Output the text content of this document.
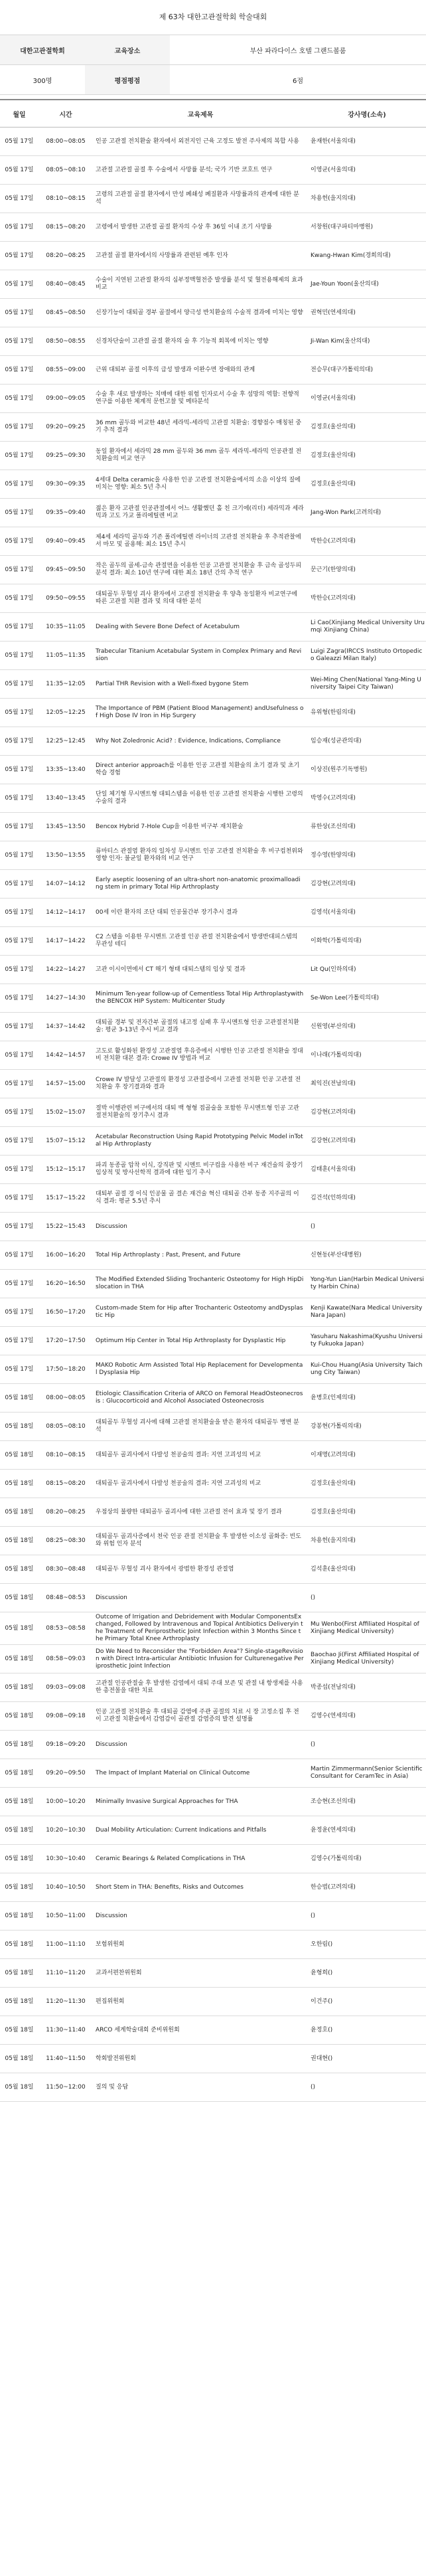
제 63차 대한고관절학회 학술대회
대한고관절학회	교육장소	부산 파라다이스 호텔 그랜드볼룸
300명	평점평점	6점
월일	시간	교육제목	강사명(소속)
05월 17일	08:00~08:05	인공 고관절 전치환술 환자에서 외전지인 근육 고정도 발전 주사제의 복합 사용	윤재한(서울의대)
05월 17일	08:05~08:10	고관절 고관절 골절 후 수술에서 사망률 분석; 국가 기반 코호트 연구	이영균(서울의대)
05월 17일	08:10~08:15	고령의 고관절 골절 환자에서 만성 폐쇄성 폐질환과 사망률과의 관계에 대한 분석	차용헌(을지의대)
05월 17일	08:15~08:20	고령에서 발생한 고관절 골절 환자의 수상 후 36일 이내 조기 사망률	서창원(대구파티마병원)
05월 17일	08:20~08:25	고관절 골절 환자에서의 사망률과 관련된 예후 인자	Kwang-Hwan Kim(경희의대)
05월 17일	08:40~08:45	수술이 지연된 고관절 환자의 심부정맥혈전증 발생률 분석 및 혈전용해제의 효과 비교	Jae-Youn Yoon(울산의대)
05월 17일	08:45~08:50	신장기능이 대퇴골 경부 골절에서 양극성 반치환술의 수술적 결과에 미치는 영향	권혁민(연세의대)
05월 17일	08:50~08:55	신경차단술이 고관절 골절 환자의 술 후 기능적 회복에 미치는 영향	Ji-Wan Kim(울산의대)
05월 17일	08:55~09:00	근위 대퇴부 골절 이후의 급성 발생과 이완수면 장애와의 관계	전승무(대구가톨릭의대)
05월 17일	09:00~09:05	수술 후 새로 발생하는 치매에 대한 위험 인자로서 수술 후 섬망의 역할: 전향적 연구를 이용한 체계적 문헌고찰 및 메타분석	이영균(서울의대)
05월 17일	09:20~09:25	36 mm 골두와 비교한 48년 세라믹-세라믹 고관절 치환술: 경향점수 매칭된 중기 추적 결과	김정호(울산의대)
05월 17일	09:25~09:30	동일 환자에서 세라믹 28 mm 골두와 36 mm 골두 세라믹-세라믹 인공관절 전치환술의 비교 연구	김정호(울산의대)
05월 17일	09:30~09:35	4세대 Delta ceramic을 사용한 인공 고관절 전치환술에서의 소음 이상의 질에 미치는 영향: 최소 5년 추시	김정호(울산의대)
05월 17일	09:35~09:40	젊은 환자 고관절 인공관절에서 어느 생활했던 홀 친 크기에(리더) 세라믹과 세라믹과 고도 가교 폴리에틸렌 비교	Jang-Won Park(고려의대)
05월 17일	09:40~09:45	제4세 세라믹 골두와 기존 폴리에틸렌 라이너의 고관절 전치환술 후 추적관찰에서 마모 및 골용해: 최소 15년 추시	박한승(고려의대)
05월 17일	09:45~09:50	작은 골두의 골세-금속 관절면을 이용한 인공 고관절 전치환술 후 금속 골성두피 분석 결과: 최소 10년 연구에 대한 최소 18년 간의 추적 연구	문근기(한양의대)
05월 17일	09:50~09:55	대퇴골두 무혈성 괴사 환자에서 고관절 전치환술 후 양측 동일환자 비교연구에 따른 고관절 치환 결과 및 의대 대한 분석	박한승(고려의대)
05월 17일	10:35~11:05	Dealing with Severe Bone Defect of Acetabulum	Li Cao(Xinjiang Medical University Urumqi Xinjiang China)
05월 17일	11:05~11:35	Trabecular Titanium Acetabular System in Complex Primary and Revision	Luigi Zagra(IRCCS Instituto Ortopedico Galeazzi Milan Italy)
05월 17일	11:35~12:05	Partial THR Revision with a Well-fixed bygone Stem	Wei-Ming Chen(National Yang-Ming University Taipei City Taiwan)
05월 17일	12:05~12:25	The Importance of PBM (Patient Blood Management) andUsefulness of High Dose IV Iron in Hip Surgery	유위형(한림의대)
05월 17일	12:25~12:45	Why Not Zoledronic Acid? : Evidence, Indications, Compliance	임승재(성균관의대)
05월 17일	13:35~13:40	Direct anterior approach를 이용한 인공 고관절 치환술의 초기 결과 및 초기 학습 경험	이상진(원주기독병원)
05월 17일	13:40~13:45	단일 체기형 무시멘트형 대퇴스템을 이용한 인공 고관절 전치환술 시행한 고령의 수술의 결과	박영수(고려의대)
05월 17일	13:45~13:50	Bencox Hybrid 7-Hole Cup을 이용한 비구부 재치환술	류한상(조선의대)
05월 17일	13:50~13:55	류마티스 관절염 환자의 일차성 무시멘트 인공 고관절 전치환술 후 비구컵천위와 영향 인자: 불균일 환자와의 비교 연구	정수영(한양의대)
05월 17일	14:07~14:12	Early aseptic loosening of an ultra-short non-anatomic proximalloading stem in primary Total Hip Arthroplasty	김강현(고려의대)
05월 17일	14:12~14:17	00세 이란 환자의 조단 대퇴 인공물간부 장기추시 결과	김영석(서울의대)
05월 17일	14:17~14:22	C2 스템을 이용한 무시멘트 고관절 인공 관절 전치환술에서 방생반대피스템의 무관성 테디	이화학(가톨릭의대)
05월 17일	14:22~14:27	고관 이시이면에서 CT 해기 형태 대퇴스템의 임상 및 결과	Lit Qu(인하의대)
05월 17일	14:27~14:30	Minimum Ten-year follow-up of Cementless Total Hip Arthroplastywith the BENCOX HIP System: Multicenter Study	Se-Won Lee(가톨릭의대)
05월 17일	14:37~14:42	대퇴골 경부 및 전자간부 골절의 내고정 실패 후 무시멘트형 인공 고관절전치환술: 평균 3-13년 추시 비교 결과	신원영(부산의대)
05월 17일	14:42~14:57	고도로 활성화된 환경성 고관절염 후유증에서 시행한 인공 고관절 전치환술 정대비 전치환 대본 결과: Crowe IV 방법과 비교	이나래(가톨릭의대)
05월 17일	14:57~15:00	Crowe IV 발달성 고관절의 환경성 고관절증에서 고관절 전치환 인공 고관절 전치환술 후 장기결과와 결과	최익진(전남의대)
05월 17일	15:02~15:07	절박 이행관련 비구에서의 대퇴 백 형형 접골술을 포함한 무시멘트형 인공 고관절전치환술의 장기추시 결과	김강현(고려의대)
05월 17일	15:07~15:12	Acetabular Reconstruction Using Rapid Prototyping Pelvic Model inTotal Hip Arthroplasty	김강현(고려의대)
05월 17일	15:12~15:17	파괴 동종골 압착 이식, 강직판 및 시멘트 비구컵을 사용한 비구 재건술의 중장기 임상적 및 방사선학적 결과에 대한 임기 추시	김태훈(서울의대)
05월 17일	15:17~15:22	대퇴부 골절 경 이식 인공물 골 결손 재건술 혁신 대퇴골 간부 동종 지주골의 이식 결과: 평균 5.5년 추시	김건석(인하의대)
05월 17일	15:22~15:43	Discussion	()
05월 17일	16:00~16:20	Total Hip Arthroplasty : Past, Present, and Future	신현동(부산대병원)
05월 17일	16:20~16:50	The Modified Extended Sliding Trochanteric Osteotomy for High HipDislocation in THA	Yong-Yun Lian(Harbin Medical University Harbin China)
05월 17일	16:50~17:20	Custom-made Stem for Hip after Trochanteric Osteotomy andDysplastic Hip	Kenji Kawate(Nara Medical University Nara Japan)
05월 17일	17:20~17:50	Optimum Hip Center in Total Hip Arthroplasty for Dysplastic Hip	Yasuharu Nakashima(Kyushu University Fukuoka Japan)
05월 17일	17:50~18:20	MAKO Robotic Arm Assisted Total Hip Replacement for Developmental Dysplasia Hip	Kui-Chou Huang(Asia University Taichung City Taiwan)
05월 18일	08:00~08:05	Etiologic Classification Criteria of ARCO on Femoral HeadOsteonecrosis : Glucocorticoid and Alcohol Associated Osteonecrosis	윤병호(인제의대)
05월 18일	08:05~08:10	대퇴골두 무혈성 괴사에 대해 고관절 전치환술을 받은 환자의 대퇴골두 병변 분석	강봉현(가톨릭의대)
05월 18일	08:10~08:15	대퇴골두 골괴사에서 다발성 천공술의 결과: 지연 고괴성의 비교	이재명(고려의대)
05월 18일	08:15~08:20	대퇴골두 골괴사에서 다발성 천공술의 결과: 지연 고괴성의 비교	김정호(울산의대)
05월 18일	08:20~08:25	우점상의 불량한 대퇴골두 골괴사에 대한 고관절 전이 효과 및 장기 결과	김정호(울산의대)
05월 18일	08:25~08:30	대퇴골두 골괴사증에서 천국 인공 관절 전치환술 후 발생한 이소성 골화증: 빈도와 위험 인자 분석	차용헌(을지의대)
05월 18일	08:30~08:48	대퇴골두 무혈성 괴사 환자에서 광범한 환경성 관절염	김석훈(울산의대)
05월 18일	08:48~08:53	Discussion	()
05월 18일	08:53~08:58	Outcome of Irrigation and Debridement with Modular ComponentsExchanged, Followed by Intravenous and Topical Antibiotics Deliveryin the Treatment of Periprosthetic Joint Infection within 3 Months Since the Primary Total Knee Arthroplasty	Mu Wenbo(First Affiliated Hospital of Xinjiang Medical University)
05월 18일	08:58~09:03	Do We Need to Reconsider the "Forbidden Area"? Single-stageRevision with Direct Intra-articular Antibiotic Infusion for Culturenegative Periprosthetic Joint Infection	Baochao Ji(First Affiliated Hospital of Xinjiang Medical University)
05월 18일	09:03~09:08	고관절 인공관절술 후 발생한 감염에서 대퇴 주대 보존 및 관절 내 항생제를 사용한 총전몰을 대한 치료	박종섭(전남의대)
05월 18일	09:08~09:18	인공 고관절 전치환술 후 대퇴골 감염에 주관 골절의 치료 시 장 고정소집 후 전이 고관절 치환술에서 감염감이 골관절 감염증의 발견 설명률	김영수(연세의대)
05월 18일	09:18~09:20	Discussion	()
05월 18일	09:20~09:50	The Impact of Implant Material on Clinical Outcome	Martin Zimmermann(Senior Scientific Consultant for CeramTec in Asia)
05월 18일	10:00~10:20	Minimally Invasive Surgical Approaches for THA	조승현(조선의대)
05월 18일	10:20~10:30	Dual Mobility Articulation: Current Indications and Pitfalls	윤정윤(연세의대)
05월 18일	10:30~10:40	Ceramic Bearings & Related Complications in THA	김영수(가톨릭의대)
05월 18일	10:40~10:50	Short Stem in THA: Benefits, Risks and Outcomes	한승범(고려의대)
05월 18일	10:50~11:00	Discussion	()
05월 18일	11:00~11:10	보험위원회	오한림()
05월 18일	11:10~11:20	교과서편찬위원회	윤형희()
05월 18일	11:20~11:30	편집위원회	이건주()
05월 18일	11:30~11:40	ARCO 세계학술대회 준비위원회	윤정호()
05월 18일	11:40~11:50	학회발전위원회	권대현()
05월 18일	11:50~12:00	질의 및 응답	()
